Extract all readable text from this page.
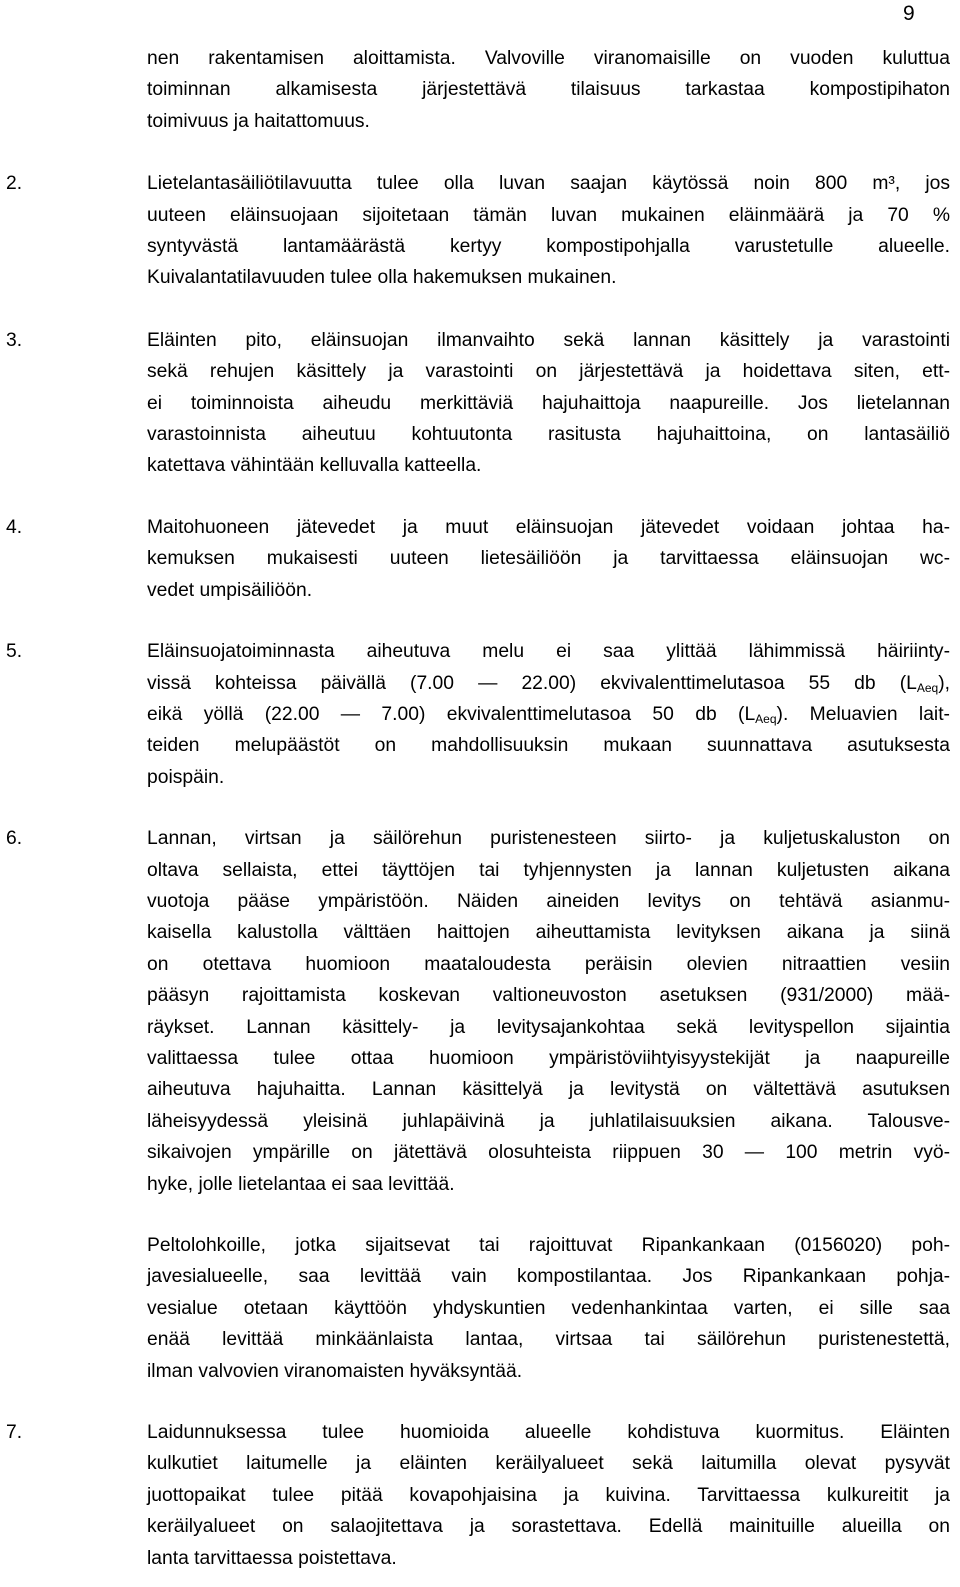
9
nen rakentamisen aloittamista. Valvoville viranomaisille on vuoden kuluttua
toiminnan alkamisesta järjestettävä tilaisuus tarkastaa kompostipihaton
toimivuus ja haitattomuus.
2.	Lietelantasäiliötilavuutta tulee olla luvan saajan käytössä noin 800 m³, jos
uuteen eläinsuojaan sijoitetaan tämän luvan mukainen eläinmäärä ja 70 %
syntyvästä lantamäärästä kertyy kompostipohjalla varustetulle alueelle.
Kuivalantatilavuuden tulee olla hakemuksen mukainen.
3.	Eläinten pito, eläinsuojan ilmanvaihto sekä lannan käsittely ja varastointi
sekä rehujen käsittely ja varastointi on järjestettävä ja hoidettava siten, ett-
ei toiminnoista aiheudu merkittäviä hajuhaittoja naapureille. Jos lietelannan
varastoinnista aiheutuu kohtuutonta rasitusta hajuhaittoina, on lantasäiliö
katettava vähintään kelluvalla katteella.
4.	Maitohuoneen jätevedet ja muut eläinsuojan jätevedet voidaan johtaa ha-
kemuksen mukaisesti uuteen lietesäiliöön ja tarvittaessa eläinsuojan wc-
vedet umpisäiliöön.
5.	Eläinsuojatoiminnasta aiheutuva melu ei saa ylittää lähimmissä häiriinty-
vissä kohteissa päivällä (7.00 — 22.00) ekvivalenttimelutasoa 55 db $(L_{Aeq})$,
eikä yöllä (22.00 — 7.00) ekvivalenttimelutasoa 50 db $(L_{Aeq})$. Meluavien lait-
teiden melupäästöt on mahdollisuuksin mukaan suunnattava asutuksesta
poispäin.
6.	Lannan, virtsan ja säilörehun puristenesteen siirto- ja kuljetuskaluston on
oltava sellaista, ettei täyttöjen tai tyhjennysten ja lannan kuljetusten aikana
vuotoja pääse ympäristöön. Näiden aineiden levitys on tehtävä asianmu-
kaisella kalustolla välttäen haittojen aiheuttamista levityksen aikana ja siinä
on otettava huomioon maataloudesta peräisin olevien nitraattien vesiin
pääsyn rajoittamista koskevan valtioneuvoston asetuksen (931/2000) mää-
räykset. Lannan käsittely- ja levitysajankohtaa sekä levityspellon sijaintia
valittaessa tulee ottaa huomioon ympäristöviihtyisyystekijät ja naapureille
aiheutuva hajuhaitta. Lannan käsittelyä ja levitystä on vältettävä asutuksen
läheisyydessä yleisinä juhlapäivinä ja juhlatilaisuuksien aikana. Talousve-
sikaivojen ympärille on jätettävä olosuhteista riippuen 30 — 100 metrin vyö-
hyke, jolle lietelantaa ei saa levittää.
Peltolohkoille, jotka sijaitsevat tai rajoittuvat Ripankankaan (0156020) poh-
javesialueelle, saa levittää vain kompostilantaa. Jos Ripankankaan pohja-
vesialue otetaan käyttöön yhdyskuntien vedenhankintaa varten, ei sille saa
enää levittää minkäänlaista lantaa, virtsaa tai säilörehun puristenestettä,
ilman valvovien viranomaisten hyväksyntää.
7.	Laidunnuksessa tulee huomioida alueelle kohdistuva kuormitus. Eläinten
kulkutiet laitumelle ja eläinten keräilyalueet sekä laitumilla olevat pysyvät
juottopaikat tulee pitää kovapohjaisina ja kuivina. Tarvittaessa kulkureitit ja
keräilyalueet on salaojitettava ja sorastettava. Edellä mainituille alueilla on
lanta tarvittaessa poistettava.
